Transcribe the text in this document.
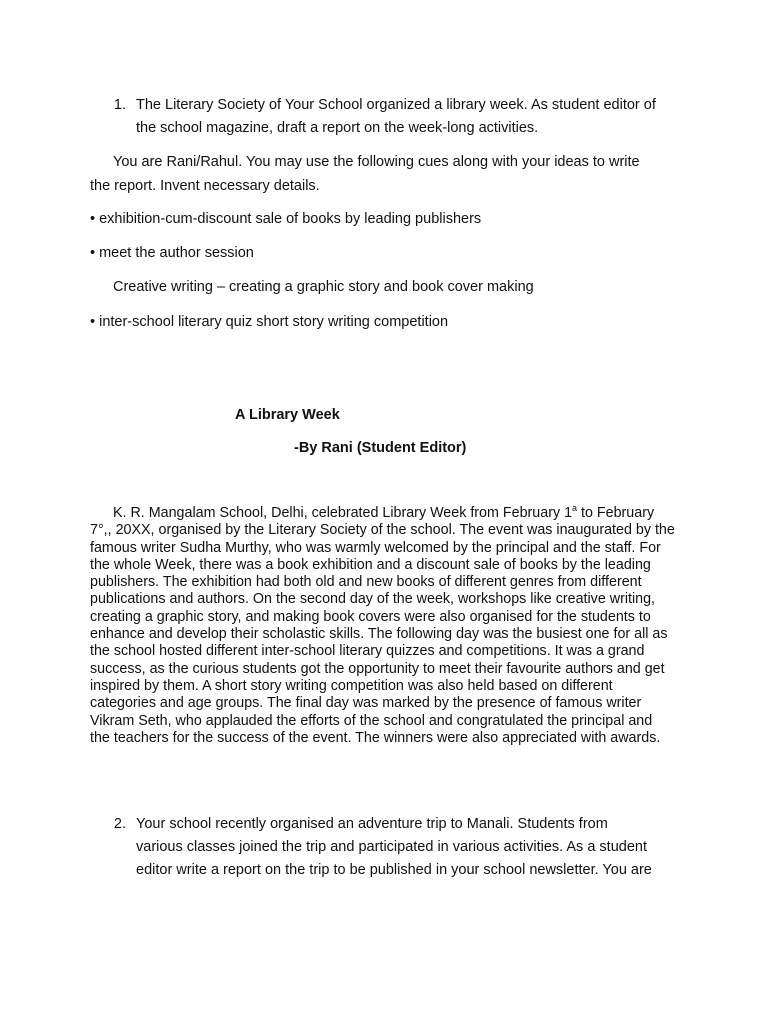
1. The Literary Society of Your School organized a library week. As student editor of the school magazine, draft a report on the week-long activities.
You are Rani/Rahul. You may use the following cues along with your ideas to write
the report. Invent necessary details.
• exhibition-cum-discount sale of books by leading publishers
• meet the author session
Creative writing – creating a graphic story and book cover making
• inter-school literary quiz short story writing competition
A Library Week
-By Rani (Student Editor)
K. R. Mangalam School, Delhi, celebrated Library Week from February 1$^a$ to February 7°,, 20XX, organised by the Literary Society of the school. The event was inaugurated by the famous writer Sudha Murthy, who was warmly welcomed by the principal and the staff. For the whole Week, there was a book exhibition and a discount sale of books by the leading publishers. The exhibition had both old and new books of different genres from different publications and authors. On the second day of the week, workshops like creative writing, creating a graphic story, and making book covers were also organised for the students to enhance and develop their scholastic skills. The following day was the busiest one for all as the school hosted different inter-school literary quizzes and competitions. It was a grand success, as the curious students got the opportunity to meet their favourite authors and get inspired by them. A short story writing competition was also held based on different categories and age groups. The final day was marked by the presence of famous writer Vikram Seth, who applauded the efforts of the school and congratulated the principal and the teachers for the success of the event. The winners were also appreciated with awards.
2. Your school recently organised an adventure trip to Manali. Students from
various classes joined the trip and participated in various activities. As a student
editor write a report on the trip to be published in your school newsletter. You are
